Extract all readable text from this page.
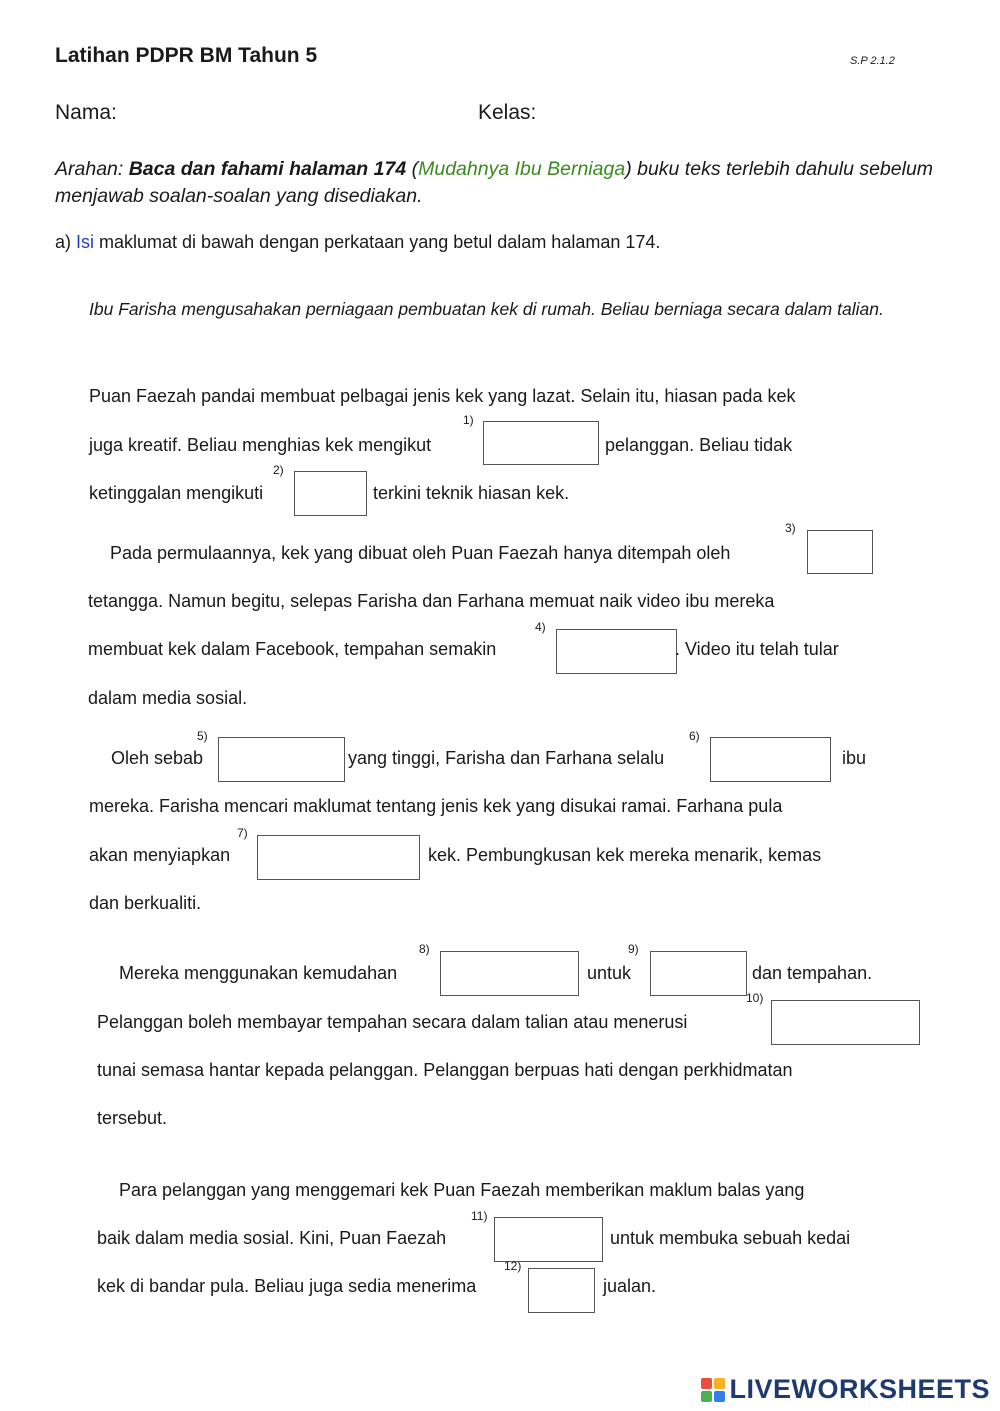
Latihan PDPR BM Tahun 5	S.P 2.1.2
Nama:	Kelas:
Arahan: Baca dan fahami halaman 174 (Mudahnya Ibu Berniaga) buku teks terlebih dahulu sebelum menjawab soalan-soalan yang disediakan.
a) Isi maklumat di bawah dengan perkataan yang betul dalam halaman 174.
Ibu Farisha mengusahakan perniagaan pembuatan kek di rumah. Beliau berniaga secara dalam talian.
Puan Faezah pandai membuat pelbagai jenis kek yang lazat. Selain itu, hiasan pada kek
juga kreatif. Beliau menghias kek mengikut
1)
pelanggan. Beliau tidak
ketinggalan mengikuti
2)
terkini teknik hiasan kek.
Pada permulaannya, kek yang dibuat oleh Puan Faezah hanya ditempah oleh
3)
tetangga. Namun begitu, selepas Farisha dan Farhana memuat naik video ibu mereka
membuat kek dalam Facebook, tempahan semakin
4)
. Video itu telah tular
dalam media sosial.
Oleh sebab
5)
yang tinggi, Farisha dan Farhana selalu
6)
ibu
mereka. Farisha mencari maklumat tentang jenis kek yang disukai ramai. Farhana pula
akan menyiapkan
7)
kek. Pembungkusan kek mereka menarik, kemas
dan berkualiti.
Mereka menggunakan kemudahan
8)
untuk
9)
dan tempahan.
Pelanggan boleh membayar tempahan secara dalam talian atau menerusi
10)
tunai semasa hantar kepada pelanggan. Pelanggan berpuas hati dengan perkhidmatan
tersebut.
Para pelanggan yang menggemari kek Puan Faezah memberikan maklum balas yang
baik dalam media sosial. Kini, Puan Faezah
11)
untuk membuka sebuah kedai
kek di bandar pula. Beliau juga sedia menerima
12)
jualan.
LIVEWORKSHEETS
